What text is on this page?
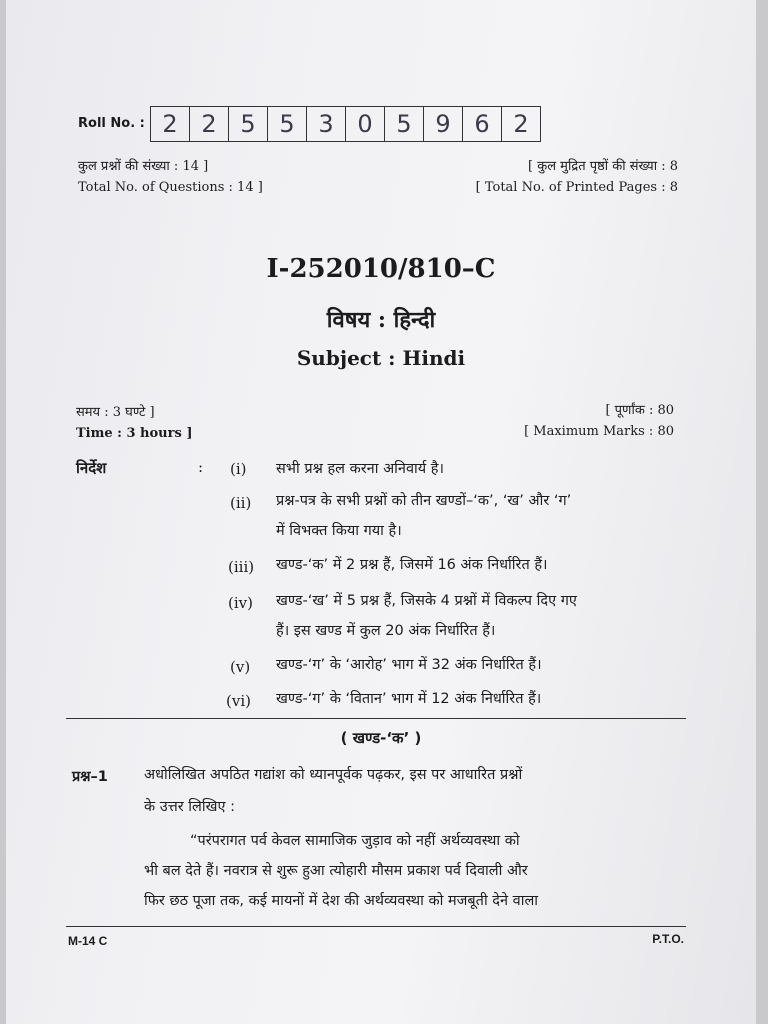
Roll No. : 2 2 5 5 3 0 5 9 6 2
कुल प्रश्नों की संख्या : 14 ]
Total No. of Questions : 14 ]
[ कुल मुद्रित पृष्ठों की संख्या : 8
[ Total No. of Printed Pages : 8
I-252010/810–C
विषय : हिन्दी
Subject : Hindi
समय : 3 घण्टे ]
Time : 3 hours ]
[ पूर्णांक : 80
[ Maximum Marks : 80
निर्देश	: (i) सभी प्रश्न हल करना अनिवार्य है।
(ii) प्रश्न-पत्र के सभी प्रश्नों को तीन खण्डों–‘क’, ‘ख’ और ‘ग’
में विभक्त किया गया है।
(iii) खण्ड-‘क’ में 2 प्रश्न हैं, जिसमें 16 अंक निर्धारित हैं।
(iv) खण्ड-‘ख’ में 5 प्रश्न हैं, जिसके 4 प्रश्नों में विकल्प दिए गए
हैं। इस खण्ड में कुल 20 अंक निर्धारित हैं।
(v) खण्ड-‘ग’ के ‘आरोह’ भाग में 32 अंक निर्धारित हैं।
(vi) खण्ड-‘ग’ के ‘वितान’ भाग में 12 अंक निर्धारित हैं।
( खण्ड-‘क’ )
प्रश्न–1 अधोलिखित अपठित गद्यांश को ध्यानपूर्वक पढ़कर, इस पर आधारित प्रश्नों
के उत्तर लिखिए :
“परंपरागत पर्व केवल सामाजिक जुड़ाव को नहीं अर्थव्यवस्था को
भी बल देते हैं। नवरात्र से शुरू हुआ त्योहारी मौसम प्रकाश पर्व दिवाली और
फिर छठ पूजा तक, कई मायनों में देश की अर्थव्यवस्था को मजबूती देने वाला
M-14 C	P.T.O.
